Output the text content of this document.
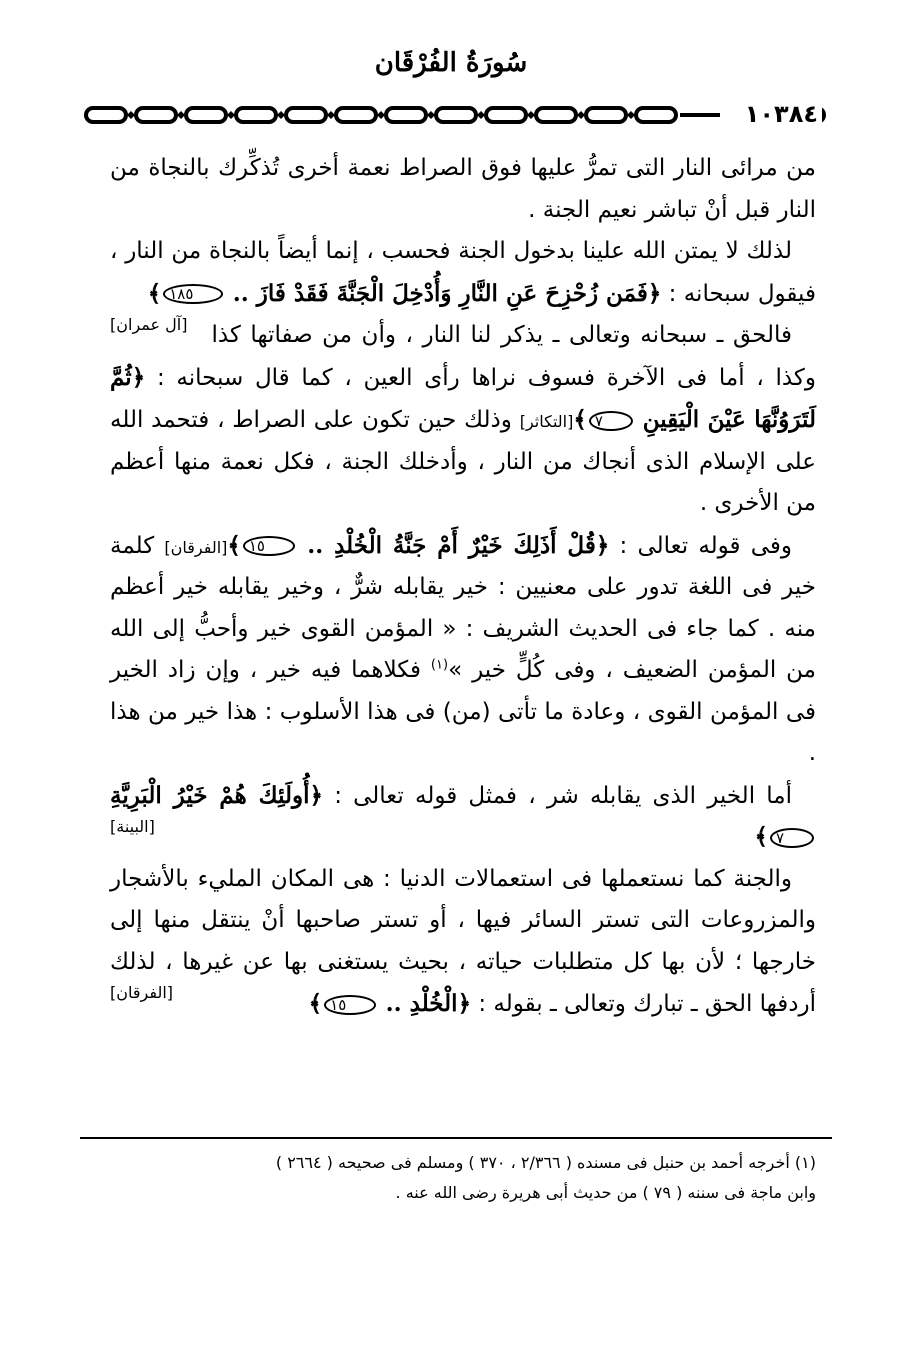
سُورَةُ الفُرْقَان
١٠٣٨٤

من مرائى النار التى تمرُّ عليها فوق الصراط نعمة أخرى تُذكِّرك بالنجاة من النار قبل أنْ تباشر نعيم الجنة .

لذلك لا يمتن الله علينا بدخول الجنة فحسب ، إنما أيضاً بالنجاة من النار ، فيقول سبحانه : ﴿فَمَن زُحْزِحَ عَنِ النَّارِ وَأُدْخِلَ الْجَنَّةَ فَقَدْ فَازَ .. ١٨٥﴾
[آل عمران]	فالحق ـ سبحانه وتعالى ـ يذكر لنا النار ، وأن من صفاتها كذا وكذا ، أما فى الآخرة فسوف نراها رأى العين ، كما قال سبحانه : ﴿ثُمَّ لَتَرَوُنَّهَا عَيْنَ الْيَقِينِ ٧﴾[التكاثر] وذلك حين تكون على الصراط ، فتحمد الله على الإسلام الذى أنجاك من النار ، وأدخلك الجنة ، فكل نعمة منها أعظم من الأخرى .

وفى قوله تعالى : ﴿قُلْ أَذَلِكَ خَيْرٌ أَمْ جَنَّةُ الْخُلْدِ .. ١٥﴾[الفرقان] كلمة خير فى اللغة تدور على معنيين : خير يقابله شرٌّ ، وخير يقابله خير أعظم منه . كما جاء فى الحديث الشريف : « المؤمن القوى خير وأحبُّ إلى الله من المؤمن الضعيف ، وفى كُلٍّ خير »$^{(١)}$ فكلاهما فيه خير ، وإن زاد الخير فى المؤمن القوى ، وعادة ما تأتى (من) فى هذا الأسلوب : هذا خير من هذا .

أما الخير الذى يقابله شر ، فمثل قوله تعالى : ﴿أُولَئِكَ هُمْ خَيْرُ الْبَرِيَّةِ ٧﴾
[البينة]

والجنة كما نستعملها فى استعمالات الدنيا : هى المكان المليء بالأشجار والمزروعات التى تستر السائر فيها ، أو تستر صاحبها أنْ ينتقل منها إلى خارجها ؛ لأن بها كل متطلبات حياته ، بحيث يستغنى بها عن غيرها ، لذلك أردفها الحق ـ تبارك وتعالى ـ بقوله : ﴿الْخُلْدِ .. ١٥﴾
[الفرقان]

(١) أخرجه أحمد بن حنبل فى مسنده ( ٢/٣٦٦ ، ٣٧٠ ) ومسلم فى صحيحه ( ٢٦٦٤ )

وابن ماجة فى سننه ( ٧٩ ) من حديث أبى هريرة رضى الله عنه .
